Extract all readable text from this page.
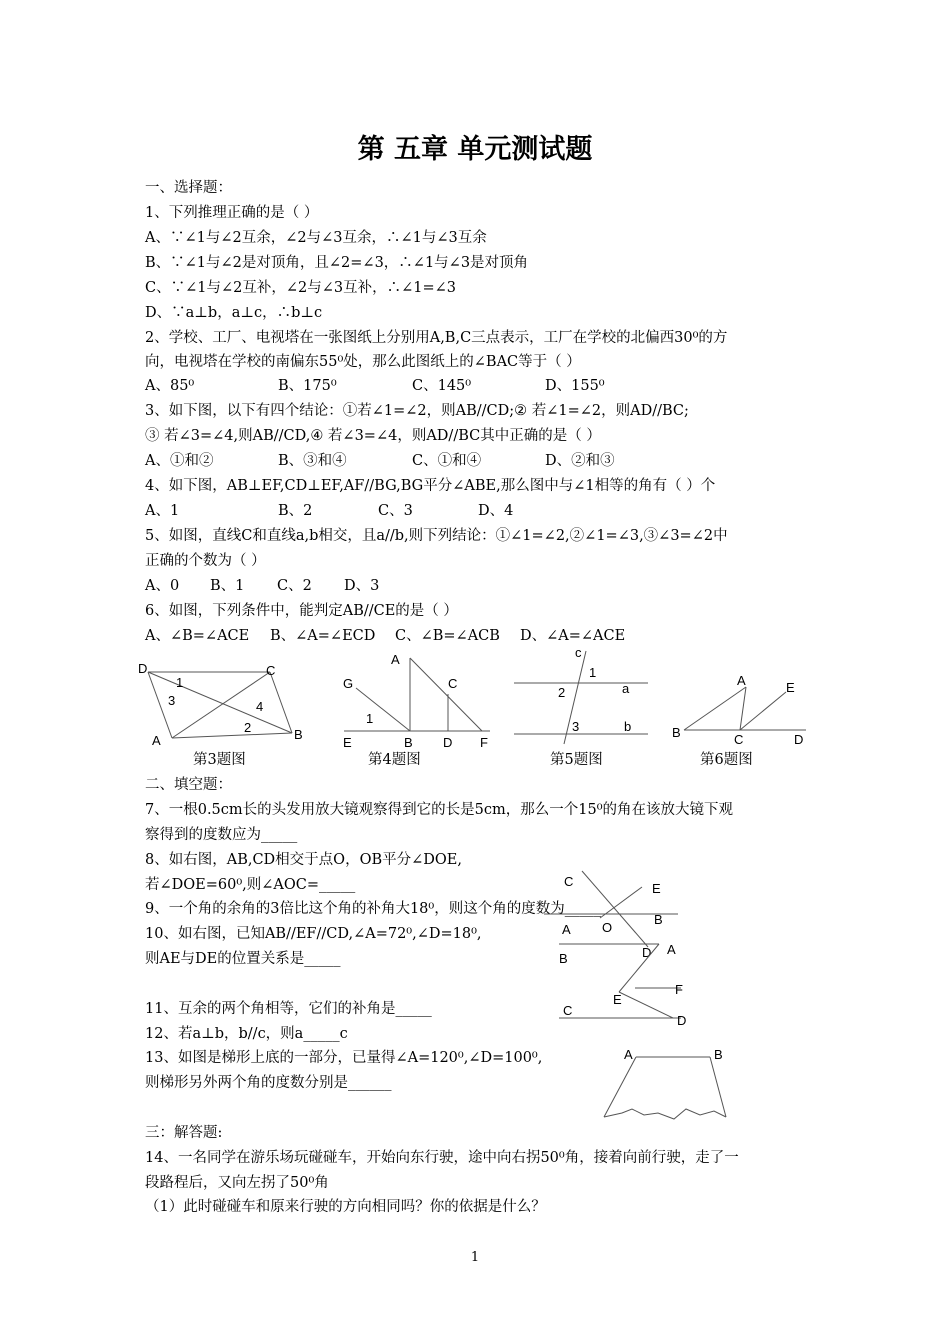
第 五章 单元测试题
一、选择题：
1、下列推理正确的是（ ）
A、∵∠1与∠2互余，∠2与∠3互余，∴∠1与∠3互余
B、∵∠1与∠2是对顶角，且∠2=∠3，∴∠1与∠3是对顶角
C、∵∠1与∠2互补，∠2与∠3互补，∴∠1=∠3
D、∵a⊥b，a⊥c，∴b⊥c
2、学校、工厂、电视塔在一张图纸上分别用A,B,C三点表示，工厂在学校的北偏西30⁰的方
向，电视塔在学校的南偏东55⁰处，那么此图纸上的∠BAC等于（ ）
A、85⁰	B、175⁰	C、145⁰	D、155⁰
3、如下图，以下有四个结论：①若∠1=∠2，则AB//CD;② 若∠1=∠2，则AD//BC;
③ 若∠3=∠4,则AB//CD,④ 若∠3=∠4，则AD//BC其中正确的是（ ）
A、①和②	B、③和④	C、①和④	D、②和③
4、如下图，AB⊥EF,CD⊥EF,AF//BG,BG平分∠ABE,那么图中与∠1相等的角有（ ）个
A、1	B、2	C、3	D、4
5、如图，直线C和直线a,b相交，且a//b,则下列结论：①∠1=∠2,②∠1=∠3,③∠3=∠2中
正确的个数为（ ）
A、0 B、1 C、2 D、3
6、如图，下列条件中，能判定AB//CE的是（ ）
A、∠B=∠ACE B、∠A=∠ECD C、∠B=∠ACB D、∠A=∠ACE
D	C
A	B
1
2
3	4
A
G	C
E	B D F
1
c
a
b
1
2
3
A	E
B	C	D
第3题图	第4题图	第5题图	第6题图
二、填空题：
7、一根0.5cm长的头发用放大镜观察得到它的长是5cm，那么一个15⁰的角在该放大镜下观
察得到的度数应为_____
8、如右图，AB,CD相交于点O，OB平分∠DOE,
若∠DOE=60⁰,则∠AOC=_____
9、一个角的余角的3倍比这个角的补角大18⁰，则这个角的度数为_____
10、如右图，已知AB//EF//CD,∠A=72⁰,∠D=18⁰,
则AE与DE的位置关系是_____
11、互余的两个角相等，它们的补角是_____
12、若a⊥b，b//c，则a_____c
13、如图是梯形上底的一部分，已量得∠A=120⁰,∠D=100⁰,
则梯形另外两个角的度数分别是______
C	E
A O
B
D A
B
E
F
C
D
A	B
三：解答题:
14、一名同学在游乐场玩碰碰车，开始向东行驶，途中向右拐50⁰角，接着向前行驶，走了一
段路程后，又向左拐了50⁰角
（1）此时碰碰车和原来行驶的方向相同吗？你的依据是什么？
1
